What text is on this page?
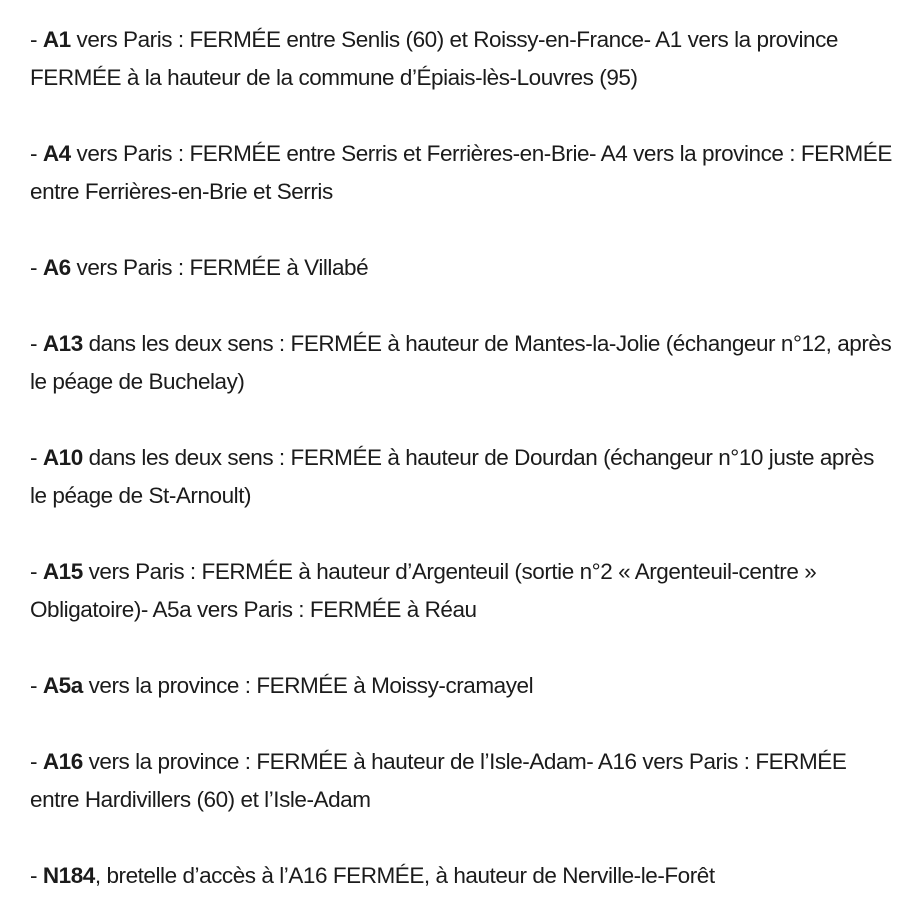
- A1 vers Paris : FERMÉE entre Senlis (60) et Roissy-en-France- A1 vers la province FERMÉE à la hauteur de la commune d’Épiais-lès-Louvres (95)

- A4 vers Paris : FERMÉE entre Serris et Ferrières-en-Brie- A4 vers la province : FERMÉE entre Ferrières-en-Brie et Serris

- A6 vers Paris : FERMÉE à Villabé

- A13 dans les deux sens : FERMÉE à hauteur de Mantes-la-Jolie (échangeur n°12, après le péage de Buchelay)

- A10 dans les deux sens : FERMÉE à hauteur de Dourdan (échangeur n°10 juste après le péage de St-Arnoult)

- A15 vers Paris : FERMÉE à hauteur d’Argenteuil (sortie n°2 « Argenteuil-centre » Obligatoire)- A5a vers Paris : FERMÉE à Réau

- A5a vers la province : FERMÉE à Moissy-cramayel

- A16 vers la province : FERMÉE à hauteur de l’Isle-Adam- A16 vers Paris : FERMÉE entre Hardivillers (60) et l’Isle-Adam

- N184, bretelle d’accès à l’A16 FERMÉE, à hauteur de Nerville-le-Forêt
